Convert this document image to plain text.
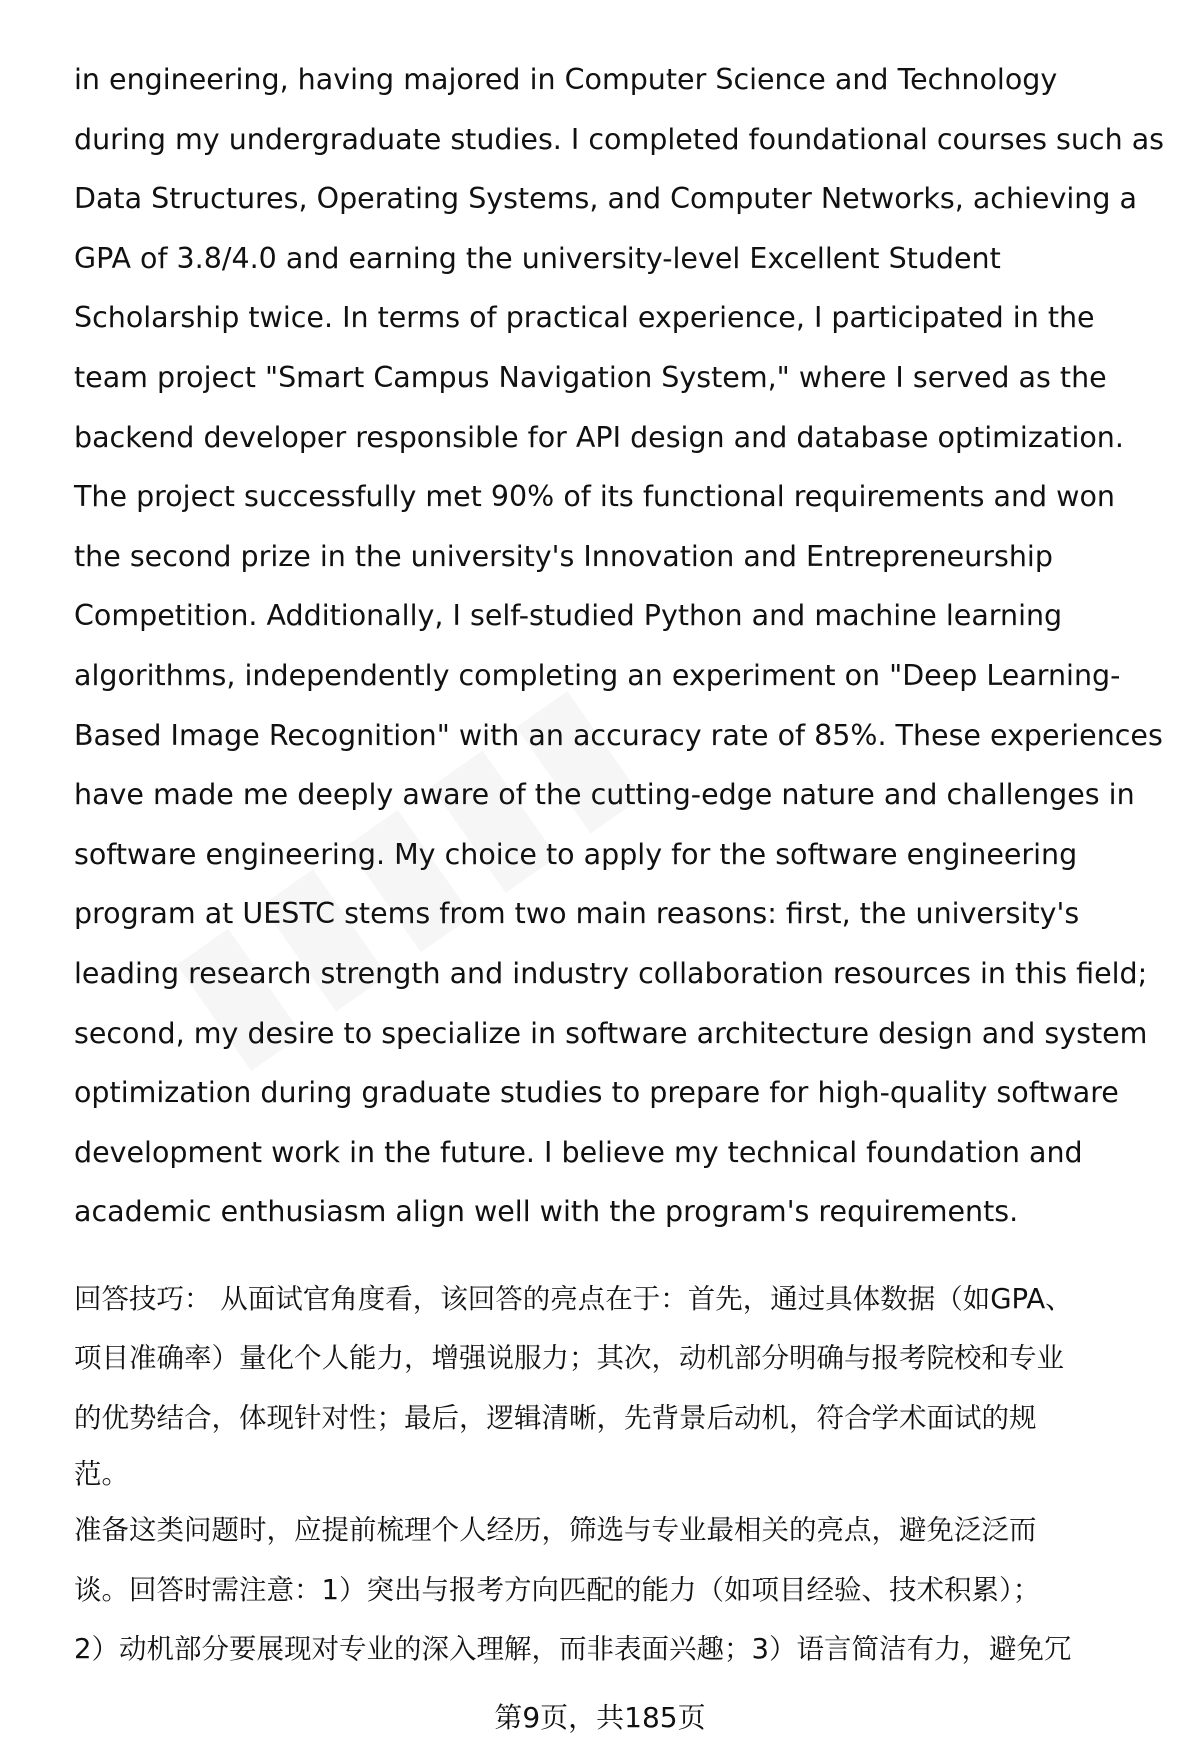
in engineering, having majored in Computer Science and Technology
during my undergraduate studies. I completed foundational courses such as
Data Structures, Operating Systems, and Computer Networks, achieving a
GPA of 3.8/4.0 and earning the university-level Excellent Student
Scholarship twice. In terms of practical experience, I participated in the
team project "Smart Campus Navigation System," where I served as the
backend developer responsible for API design and database optimization.
The project successfully met 90% of its functional requirements and won
the second prize in the university's Innovation and Entrepreneurship
Competition. Additionally, I self-studied Python and machine learning
algorithms, independently completing an experiment on "Deep Learning-
Based Image Recognition" with an accuracy rate of 85%. These experiences
have made me deeply aware of the cutting-edge nature and challenges in
software engineering. My choice to apply for the software engineering
program at UESTC stems from two main reasons: first, the university's
leading research strength and industry collaboration resources in this field;
second, my desire to specialize in software architecture design and system
optimization during graduate studies to prepare for high-quality software
development work in the future. I believe my technical foundation and
academic enthusiasm align well with the program's requirements.

回答技巧： 从面试官角度看，该回答的亮点在于：首先，通过具体数据（如GPA、
项目准确率）量化个人能力，增强说服力；其次，动机部分明确与报考院校和专业
的优势结合，体现针对性；最后，逻辑清晰，先背景后动机，符合学术面试的规
范。
准备这类问题时，应提前梳理个人经历，筛选与专业最相关的亮点，避免泛泛而
谈。回答时需注意：1）突出与报考方向匹配的能力（如项目经验、技术积累）；
2）动机部分要展现对专业的深入理解，而非表面兴趣；3）语言简洁有力，避免冗
第9页，共185页
